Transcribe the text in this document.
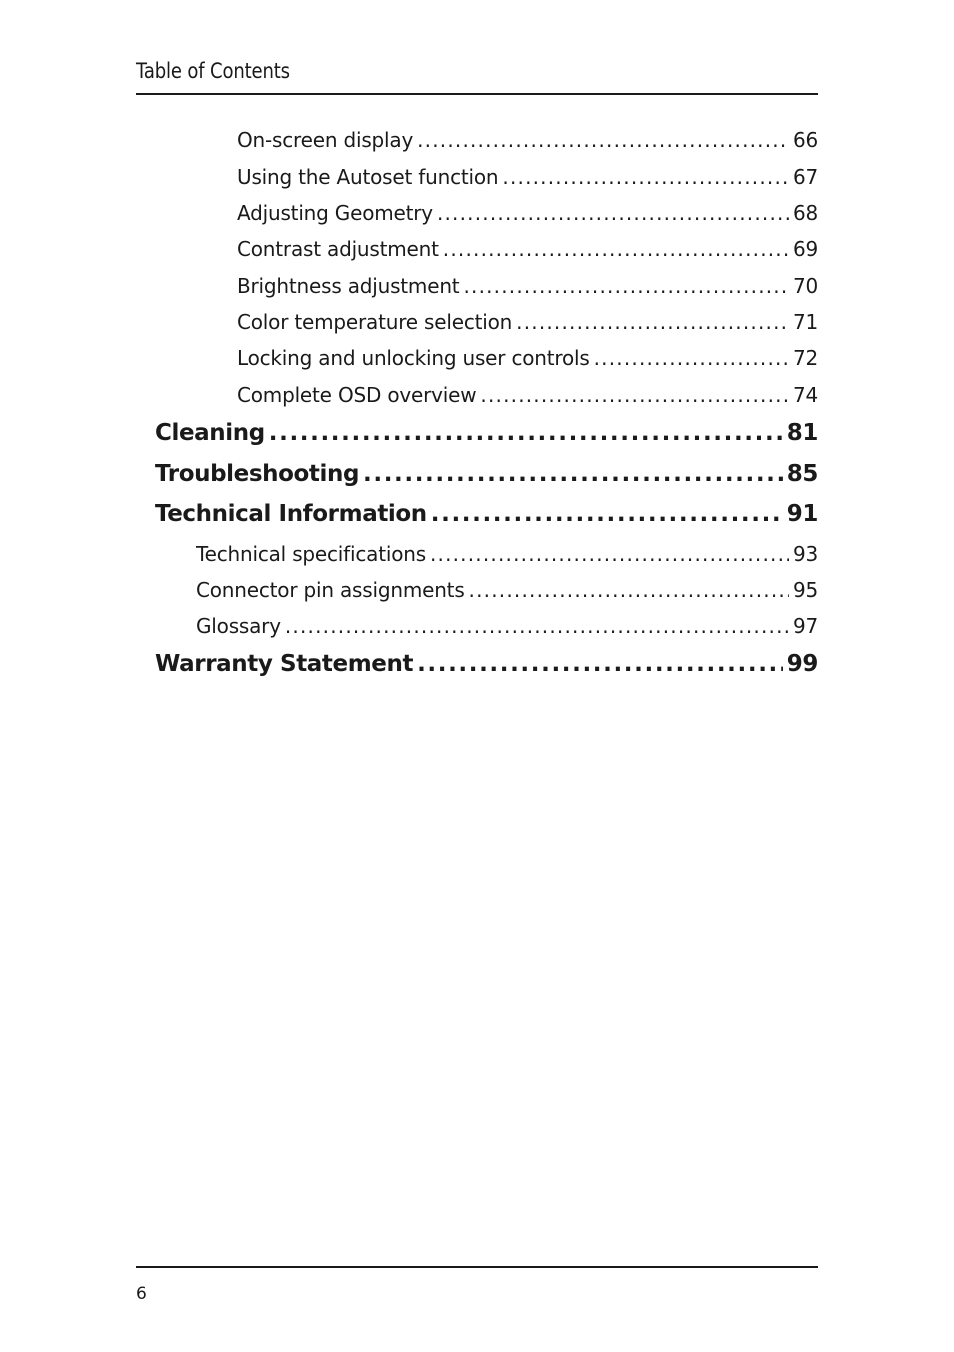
Table of Contents
On-screen display .....	66
Using the Autoset function .....	67
Adjusting Geometry .....	68
Contrast adjustment .....	69
Brightness adjustment .....	70
Color temperature selection .....	71
Locking and unlocking user controls .....	72
Complete OSD overview .....	74
Cleaning .....	81
Troubleshooting .....	85
Technical Information .....	91
Technical specifications .....	93
Connector pin assignments .....	95
Glossary .....	97
Warranty Statement .....	99
6
